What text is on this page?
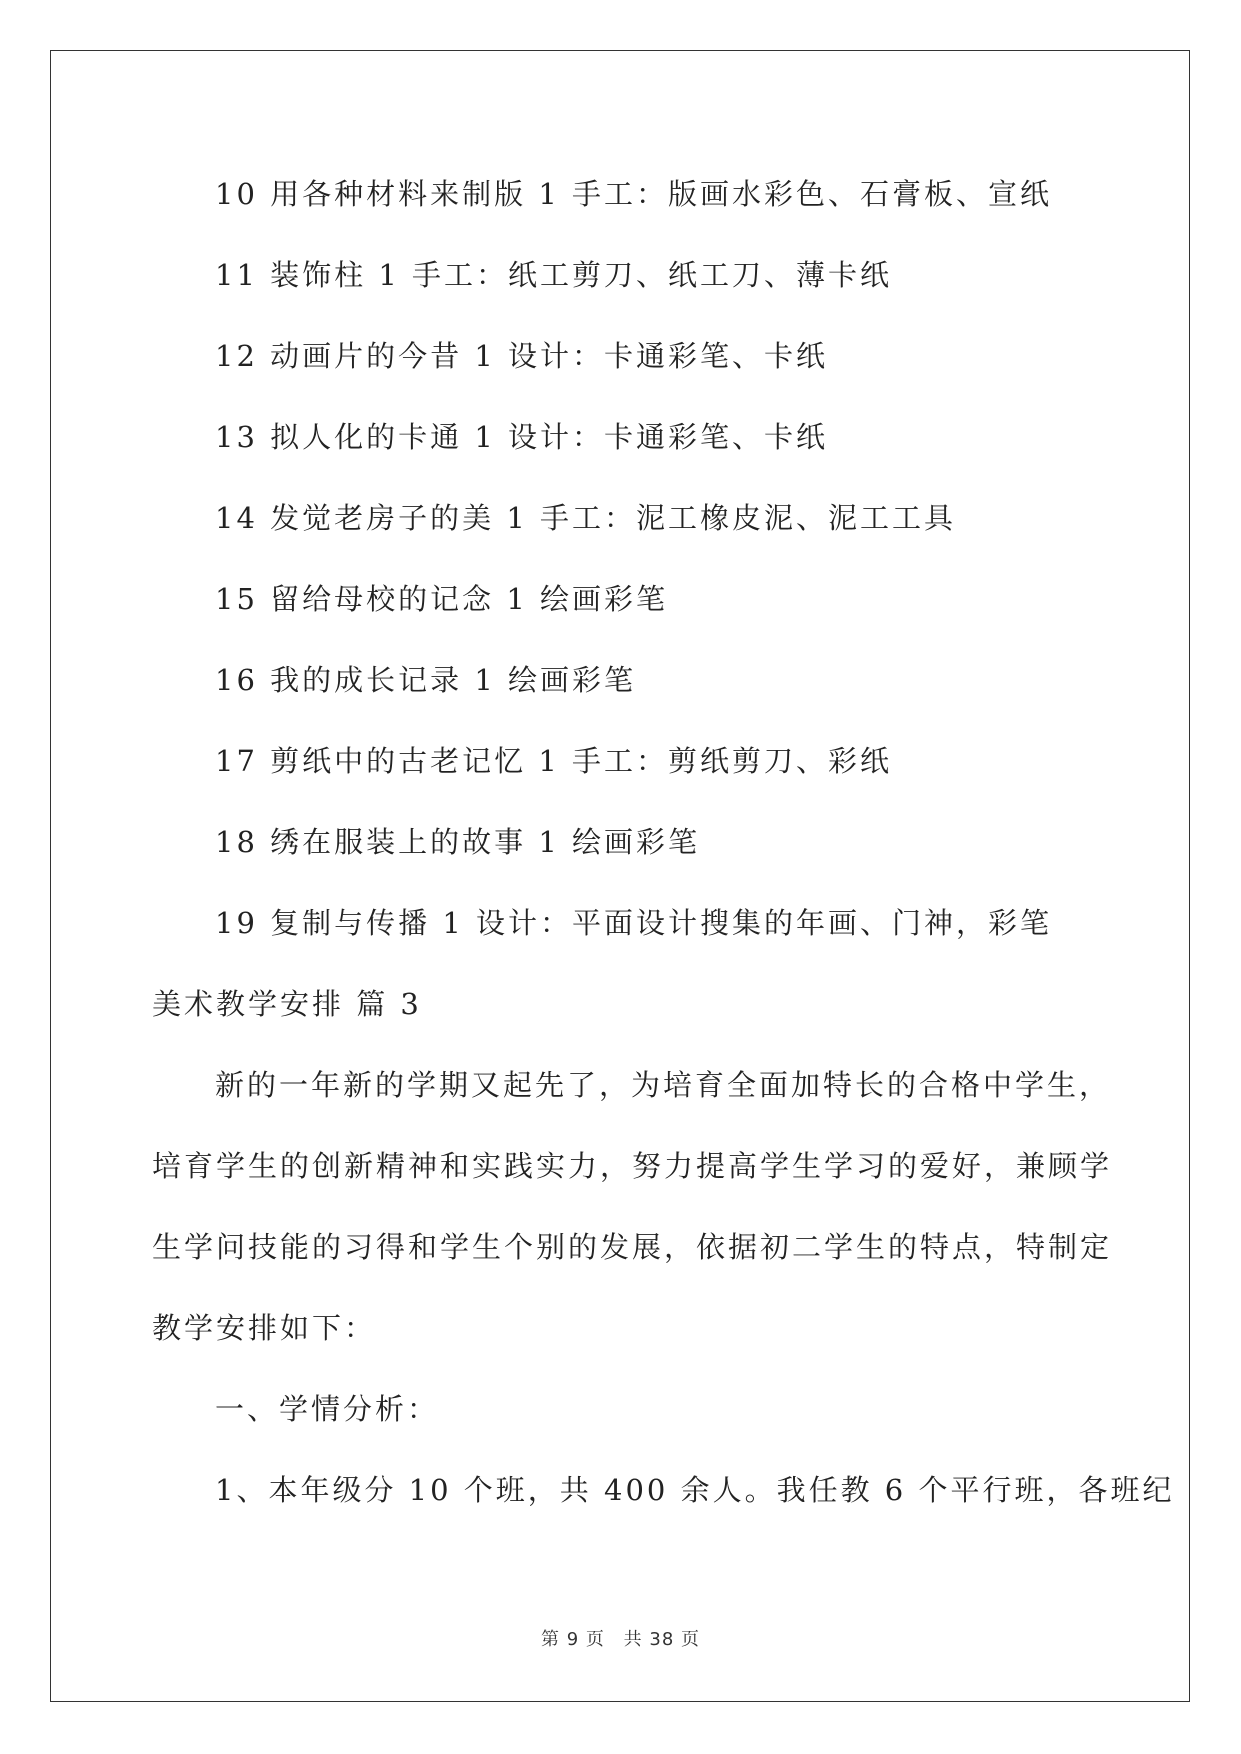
10 用各种材料来制版 1 手工：版画水彩色、石膏板、宣纸
11 装饰柱 1 手工：纸工剪刀、纸工刀、薄卡纸
12 动画片的今昔 1 设计：卡通彩笔、卡纸
13 拟人化的卡通 1 设计：卡通彩笔、卡纸
14 发觉老房子的美 1 手工：泥工橡皮泥、泥工工具
15 留给母校的记念 1 绘画彩笔
16 我的成长记录 1 绘画彩笔
17 剪纸中的古老记忆 1 手工：剪纸剪刀、彩纸
18 绣在服装上的故事 1 绘画彩笔
19 复制与传播 1 设计：平面设计搜集的年画、门神，彩笔
美术教学安排 篇 3
新的一年新的学期又起先了，为培育全面加特长的合格中学生，
培育学生的创新精神和实践实力，努力提高学生学习的爱好，兼顾学
生学问技能的习得和学生个别的发展，依据初二学生的特点，特制定
教学安排如下：
一、学情分析：
1、本年级分 10 个班，共 400 余人。我任教 6 个平行班，各班纪
第 9 页 共 38 页
